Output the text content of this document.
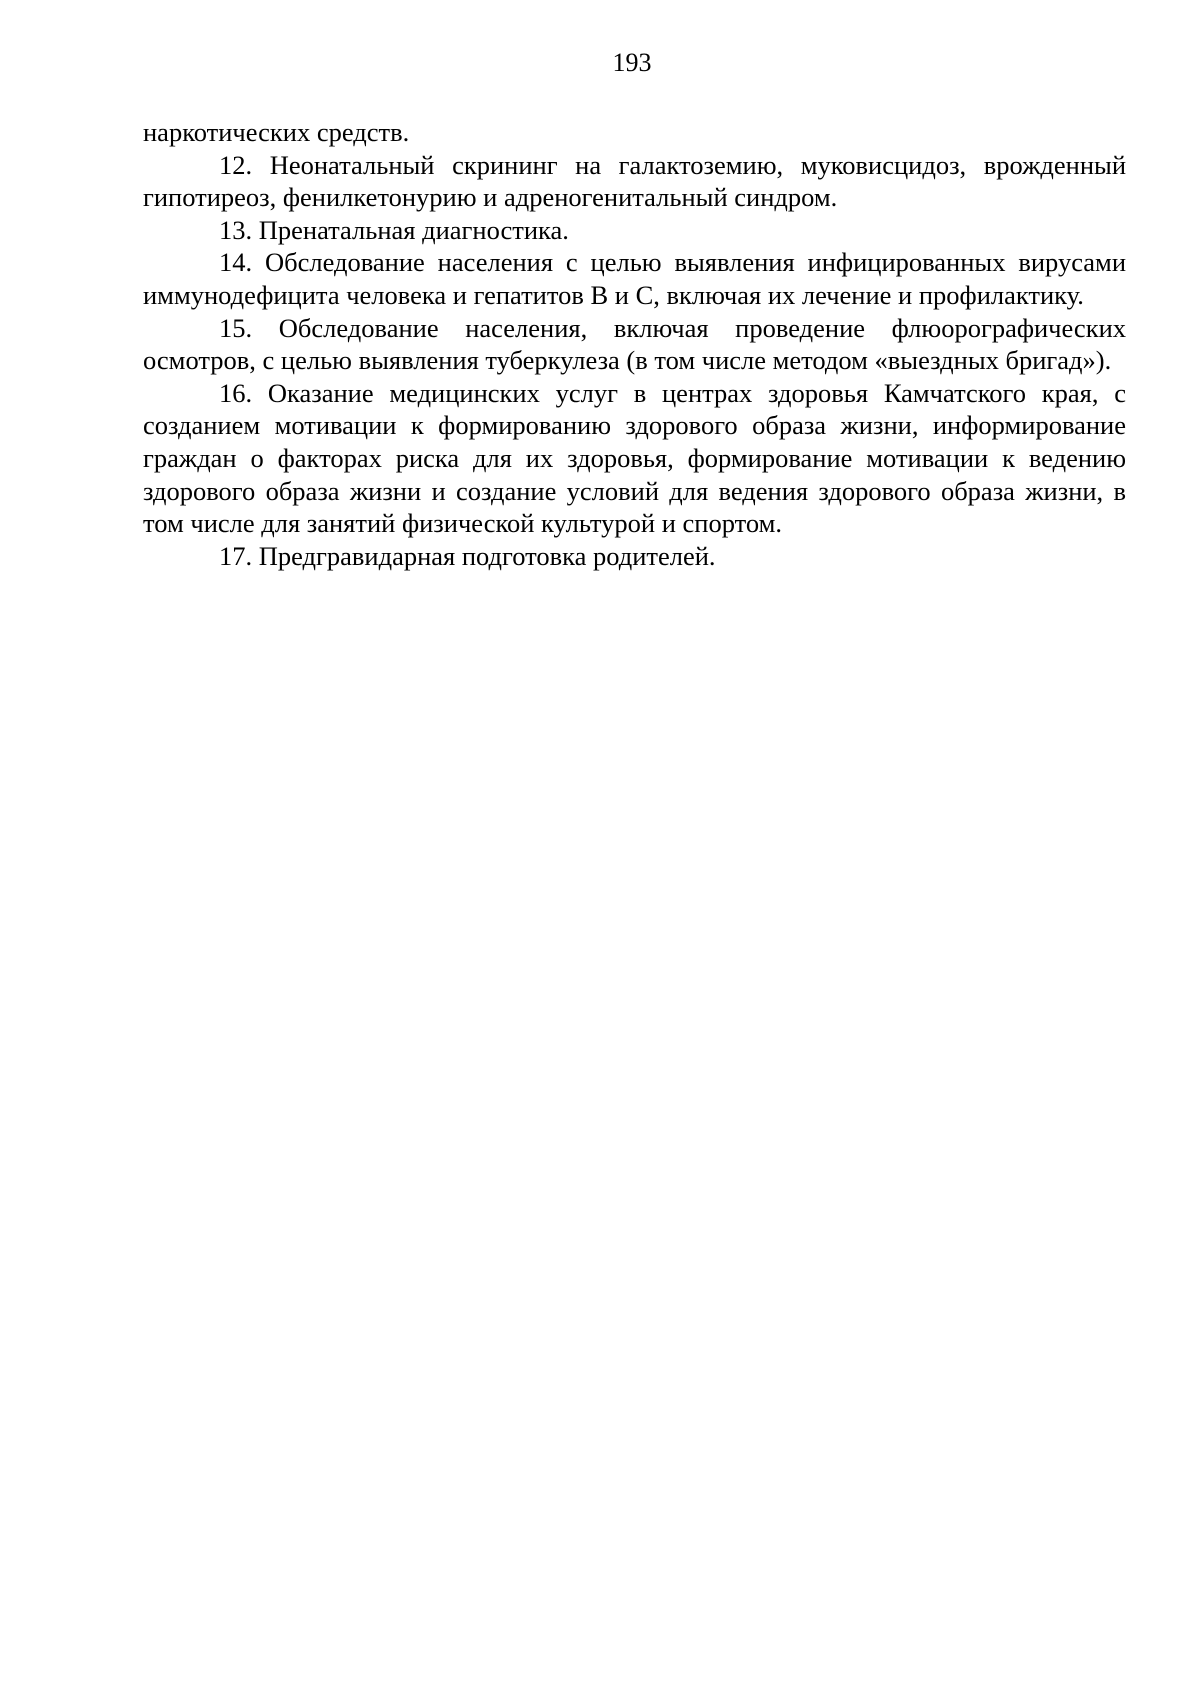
193

наркотических средств.

12. Неонатальный скрининг на галактоземию, муковисцидоз, врожденный гипотиреоз, фенилкетонурию и адреногенитальный синдром.

13. Пренатальная диагностика.

14. Обследование населения с целью выявления инфицированных вирусами иммунодефицита человека и гепатитов В и С, включая их лечение и профилактику.

15. Обследование населения, включая проведение флюорографических осмотров, с целью выявления туберкулеза (в том числе методом «выездных бригад»).

16. Оказание медицинских услуг в центрах здоровья Камчатского края, с созданием мотивации к формированию здорового образа жизни, информирование граждан о факторах риска для их здоровья, формирование мотивации к ведению здорового образа жизни и создание условий для ведения здорового образа жизни, в том числе для занятий физической культурой и спортом.

17. Предгравидарная подготовка родителей.
